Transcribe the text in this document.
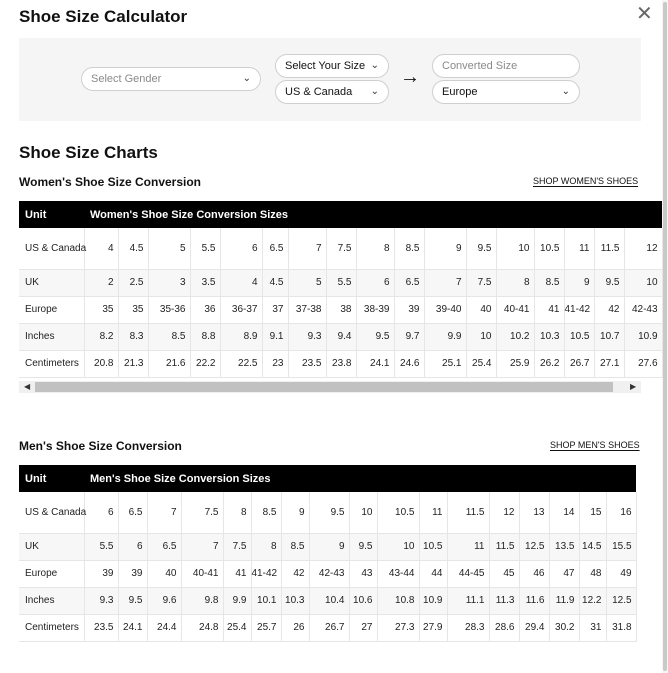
Shoe Size Calculator	✕
Select Gender	⌄
Select Your Size ⌄
US & Canada ⌄
→	Converted Size
Europe	⌄
Shoe Size Charts
Women's Shoe Size Conversion	SHOP WOMEN'S SHOES
Unit	Women's Shoe Size Conversion Sizes																
US & Canada	4	4.5	5	5.5	6	6.5	7	7.5	8	8.5	9	9.5	10	10.5	11	11.5	12
UK	2	2.5	3	3.5	4	4.5	5	5.5	6	6.5	7	7.5	8	8.5	9	9.5	10
Europe	35	35	35-36	36	36-37	37	37-38	38	38-39	39	39-40	40	40-41	41	41-42	42	42-43
Inches	8.2	8.3	8.5	8.8	8.9	9.1	9.3	9.4	9.5	9.7	9.9	10	10.2	10.3	10.5	10.7	10.9
Centimeters	20.8	21.3	21.6	22.2	22.5	23	23.5	23.8	24.1	24.6	25.1	25.4	25.9	26.2	26.7	27.1	27.6
◀	▶
Men's Shoe Size Conversion	SHOP MEN'S SHOES
Unit	Men's Shoe Size Conversion Sizes																
US & Canada	6	6.5	7	7.5	8	8.5	9	9.5	10	10.5	11	11.5	12	13	14	15	16
UK	5.5	6	6.5	7	7.5	8	8.5	9	9.5	10	10.5	11	11.5	12.5	13.5	14.5	15.5
Europe	39	39	40	40-41	41	41-42	42	42-43	43	43-44	44	44-45	45	46	47	48	49
Inches	9.3	9.5	9.6	9.8	9.9	10.1	10.3	10.4	10.6	10.8	10.9	11.1	11.3	11.6	11.9	12.2	12.5
Centimeters	23.5	24.1	24.4	24.8	25.4	25.7	26	26.7	27	27.3	27.9	28.3	28.6	29.4	30.2	31	31.8
